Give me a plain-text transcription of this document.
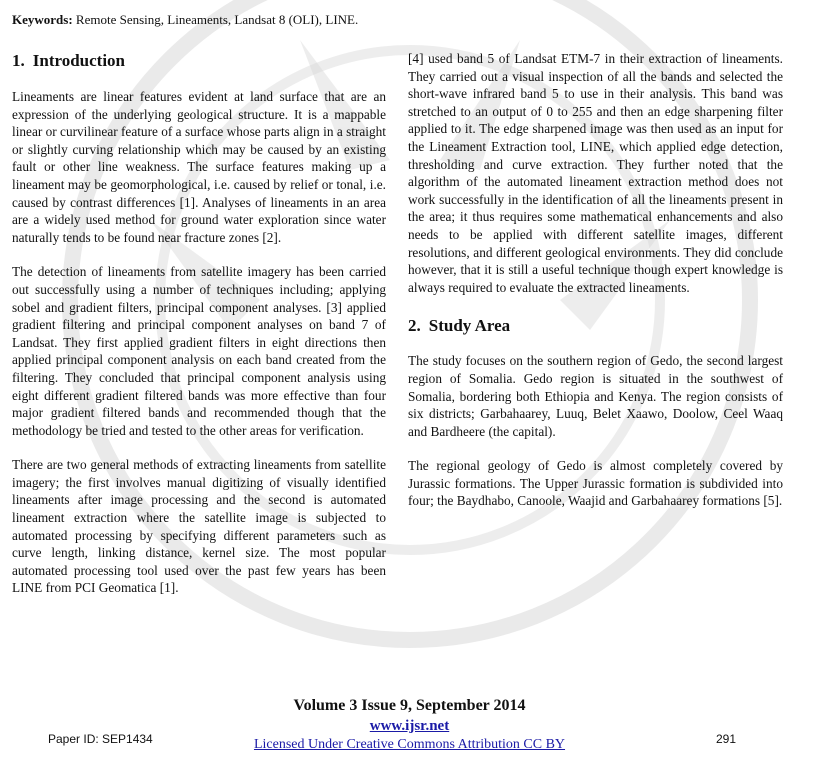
Keywords: Remote Sensing, Lineaments, Landsat 8 (OLI), LINE.
1. Introduction

Lineaments are linear features evident at land surface that are an expression of the underlying geological structure. It is a mappable linear or curvilinear feature of a surface whose parts align in a straight or slightly curving relationship which may be caused by an existing fault or other line weakness. The surface features making up a lineament may be geomorphological, i.e. caused by relief or tonal, i.e. caused by contrast differences [1]. Analyses of lineaments in an area are a widely used method for ground water exploration since water naturally tends to be found near fracture zones [2].

The detection of lineaments from satellite imagery has been carried out successfully using a number of techniques including; applying sobel and gradient filters, principal component analyses. [3] applied gradient filtering and principal component analyses on band 7 of Landsat. They first applied gradient filters in eight directions then applied principal component analysis on each band created from the filtering. They concluded that principal component analysis using eight different gradient filtered bands was more effective than four major gradient filtered bands and recommended though that the methodology be tried and tested to the other areas for verification.

There are two general methods of extracting lineaments from satellite imagery; the first involves manual digitizing of visually identified lineaments after image processing and the second is automated lineament extraction where the satellite image is subjected to automated processing by specifying different parameters such as curve length, linking distance, kernel size. The most popular automated processing tool used over the past few years has been LINE from PCI Geomatica [1].

[4] used band 5 of Landsat ETM-7 in their extraction of lineaments. They carried out a visual inspection of all the bands and selected the short-wave infrared band 5 to use in their analysis. This band was stretched to an output of 0 to 255 and then an edge sharpening filter applied to it. The edge sharpened image was then used as an input for the Lineament Extraction tool, LINE, which applied edge detection, thresholding and curve extraction. They further noted that the algorithm of the automated lineament extraction method does not work successfully in the identification of all the lineaments present in the area; it thus requires some mathematical enhancements and also needs to be applied with different satellite images, different resolutions, and different geological environments. They did conclude however, that it is still a useful technique though expert knowledge is always required to evaluate the extracted lineaments.

2. Study Area

The study focuses on the southern region of Gedo, the second largest region of Somalia. Gedo region is situated in the southwest of Somalia, bordering both Ethiopia and Kenya. The region consists of six districts; Garbahaarey, Luuq, Belet Xaawo, Doolow, Ceel Waaq and Bardheere (the capital).

The regional geology of Gedo is almost completely covered by Jurassic formations. The Upper Jurassic formation is subdivided into four; the Baydhabo, Canoole, Waajid and Garbahaarey formations [5].

Volume 3 Issue 9, September 2014
www.ijsr.net
Licensed Under Creative Commons Attribution CC BY
Paper ID: SEP1434	291
